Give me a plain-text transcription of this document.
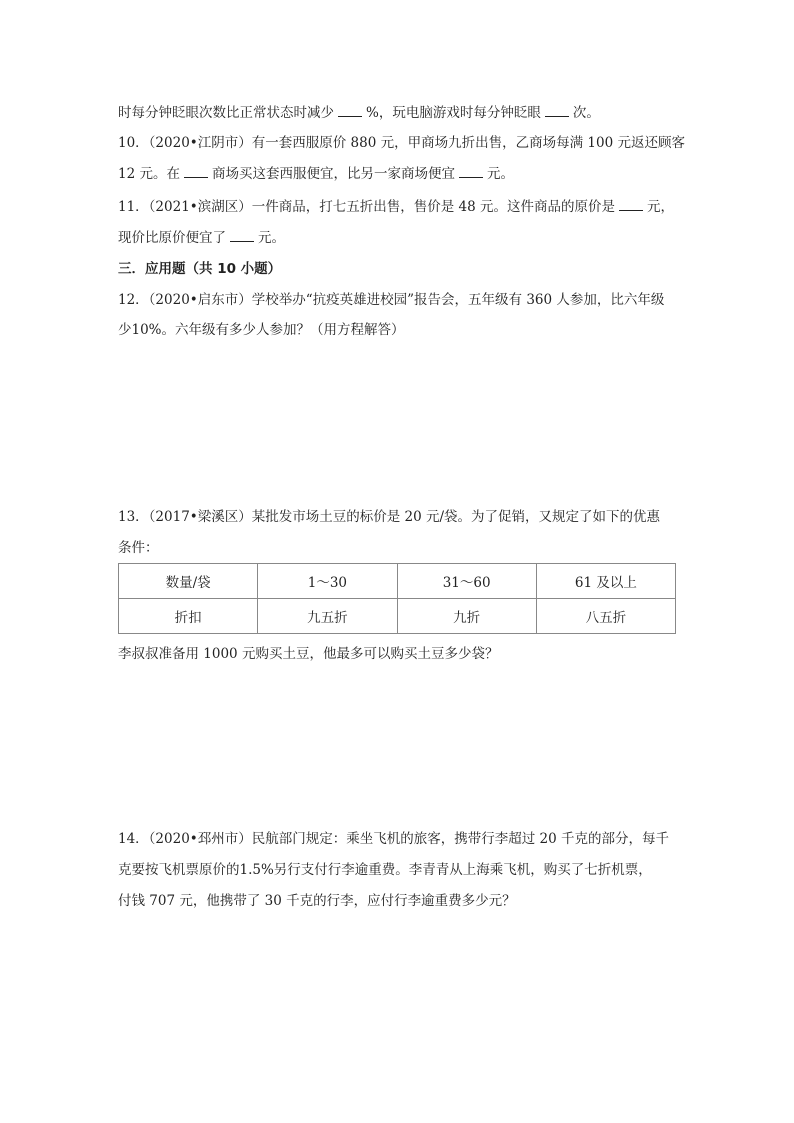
时每分钟眨眼次数比正常状态时减少 %，玩电脑游戏时每分钟眨眼 次。
10．（2020•江阴市）有一套西服原价 880 元，甲商场九折出售，乙商场每满 100 元返还顾客
12 元。在 商场买这套西服便宜，比另一家商场便宜 元。
11．（2021•滨湖区）一件商品，打七五折出售，售价是 48 元。这件商品的原价是 元，
现价比原价便宜了 元。
三．应用题（共 10 小题）
12．（2020•启东市）学校举办“抗疫英雄进校园”报告会，五年级有 360 人参加，比六年级
少10%。六年级有多少人参加？（用方程解答）
13．（2017•梁溪区）某批发市场土豆的标价是 20 元/袋。为了促销，又规定了如下的优惠
条件：
数量/袋	1～30	31～60	61 及以上
折扣	九五折	九折	八五折
李叔叔准备用 1000 元购买土豆，他最多可以购买土豆多少袋？
14．（2020•邳州市）民航部门规定：乘坐飞机的旅客，携带行李超过 20 千克的部分，每千
克要按飞机票原价的1.5%另行支付行李逾重费。李青青从上海乘飞机，购买了七折机票，
付钱 707 元，他携带了 30 千克的行李，应付行李逾重费多少元？
